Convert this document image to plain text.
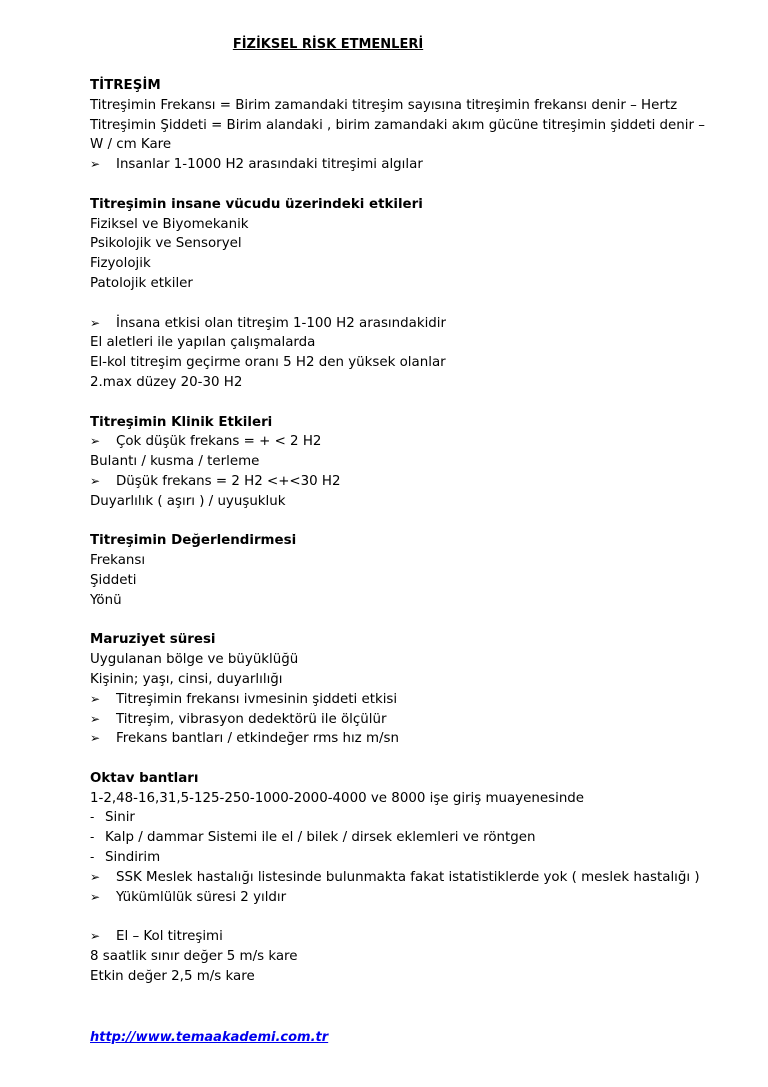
FİZİKSEL RİSK ETMENLERİ
TİTREŞİM
Titreşimin Frekansı = Birim zamandaki titreşim sayısına titreşimin frekansı denir – Hertz
Titreşimin Şiddeti = Birim alandaki , birim zamandaki akım gücüne titreşimin şiddeti denir –
W / cm Kare
➢	Insanlar 1-1000 H2 arasındaki titreşimi algılar
Titreşimin insane vücudu üzerindeki etkileri
Fiziksel ve Biyomekanik
Psikolojik ve Sensoryel
Fizyolojik
Patolojik etkiler
➢	İnsana etkisi olan titreşim 1-100 H2 arasındakidir
El aletleri ile yapılan çalışmalarda
El-kol titreşim geçirme oranı 5 H2 den yüksek olanlar
2.max düzey 20-30 H2
Titreşimin Klinik Etkileri
➢	Çok düşük frekans = + < 2 H2
Bulantı / kusma / terleme
➢	Düşük frekans = 2 H2 <+<30 H2
Duyarlılık ( aşırı ) / uyuşukluk
Titreşimin Değerlendirmesi
Frekansı
Şiddeti
Yönü
Maruziyet süresi
Uygulanan bölge ve büyüklüğü
Kişinin; yaşı, cinsi, duyarlılığı
➢	Titreşimin frekansı ivmesinin şiddeti etkisi
➢	Titreşim, vibrasyon dedektörü ile ölçülür
➢	Frekans bantları / etkindeğer rms hız m/sn
Oktav bantları
1-2,48-16,31,5-125-250-1000-2000-4000 ve 8000 işe giriş muayenesinde
- Sinir
- Kalp / dammar Sistemi ile el / bilek / dirsek eklemleri ve röntgen
- Sindirim
➢	SSK Meslek hastalığı listesinde bulunmakta fakat istatistiklerde yok ( meslek hastalığı )
➢	Yükümlülük süresi 2 yıldır
➢	El – Kol titreşimi
8 saatlik sınır değer 5 m/s kare
Etkin değer 2,5 m/s kare
http://www.temaakademi.com.tr
